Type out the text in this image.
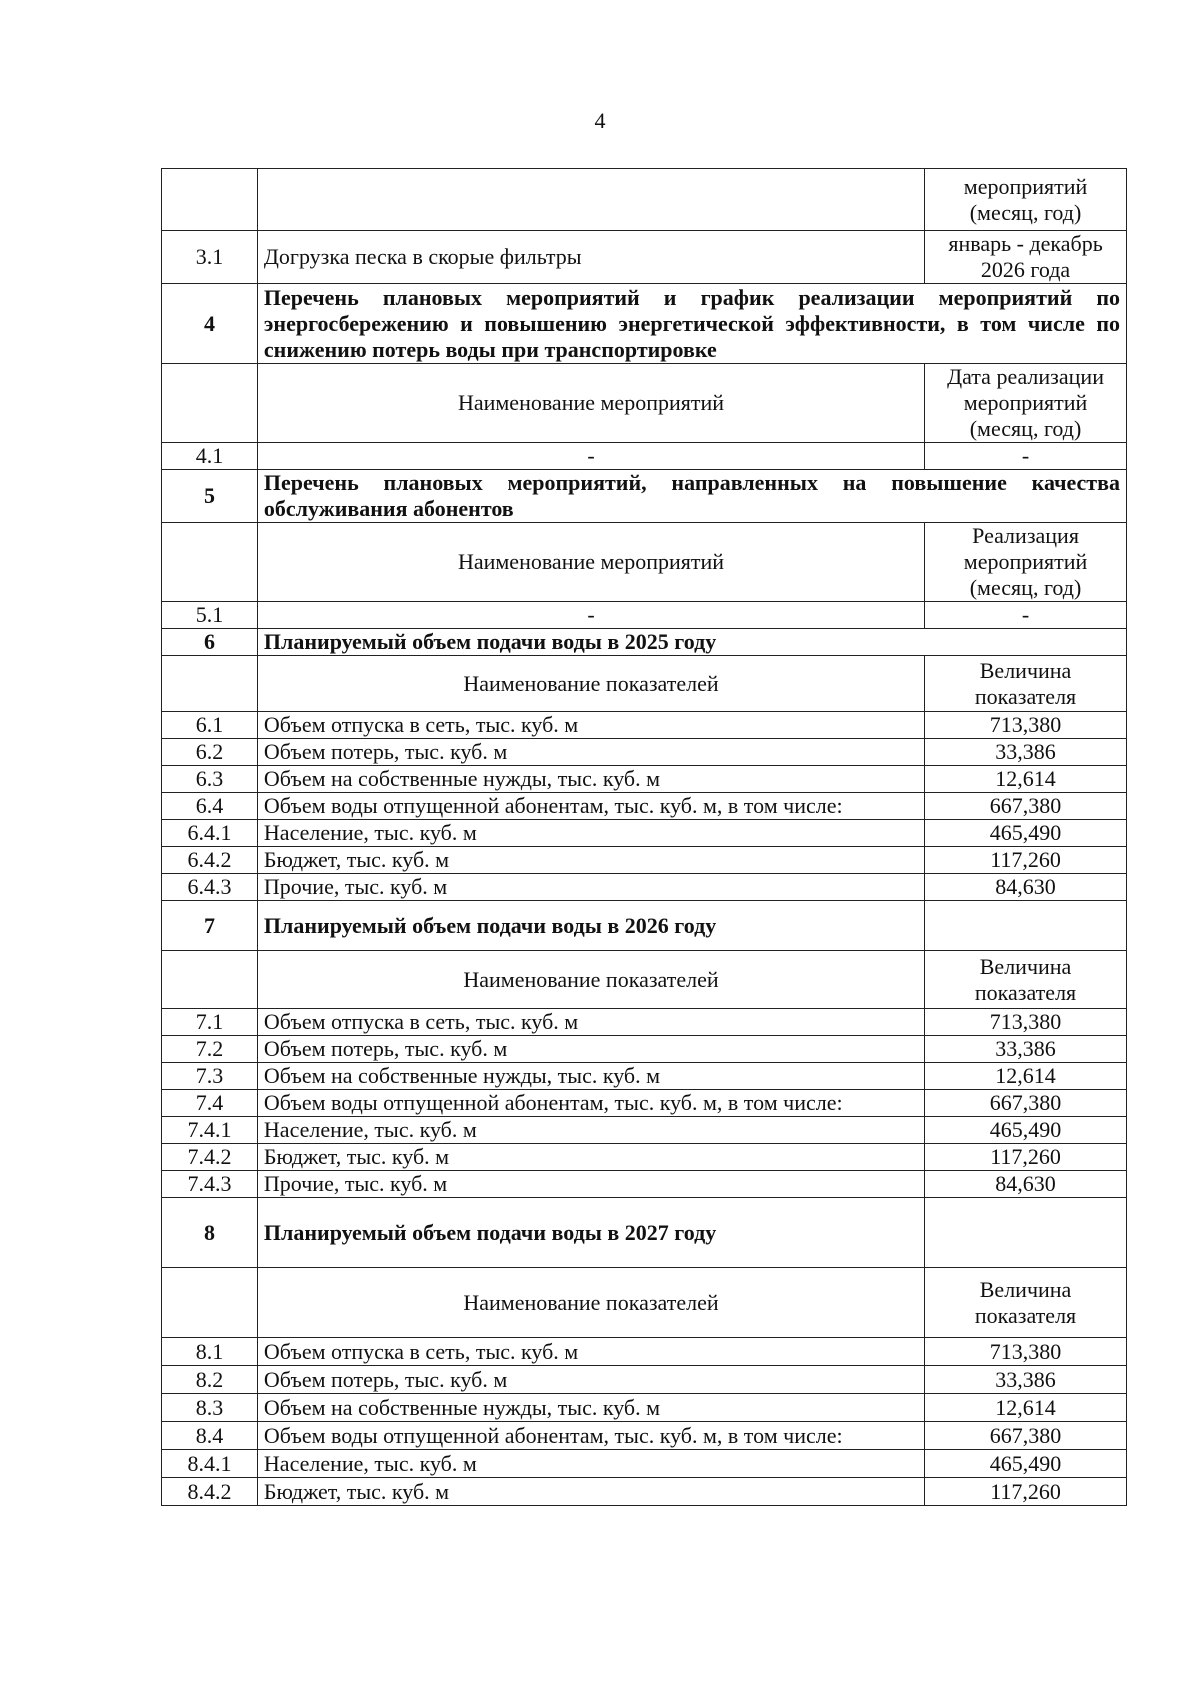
4
		мероприятий (месяц, год)
3.1	Догрузка песка в скорые фильтры	январь - декабрь 2026 года
4	Перечень плановых мероприятий и график реализации мероприятий по энергосбережению и повышению энергетической эффективности, в том числе по снижению потерь воды при транспортировке	
	Наименование мероприятий	Дата реализации мероприятий (месяц, год)
4.1	-	-
5	Перечень плановых мероприятий, направленных на повышение качества обслуживания абонентов	
	Наименование мероприятий	Реализация мероприятий (месяц, год)
5.1	-	-
6	Планируемый объем подачи воды в 2025 году	
	Наименование показателей	Величина показателя
6.1	Объем отпуска в сеть, тыс. куб. м	713,380
6.2	Объем потерь, тыс. куб. м	33,386
6.3	Объем на собственные нужды, тыс. куб. м	12,614
6.4	Объем воды отпущенной абонентам, тыс. куб. м, в том числе:	667,380
6.4.1	Население, тыс. куб. м	465,490
6.4.2	Бюджет, тыс. куб. м	117,260
6.4.3	Прочие, тыс. куб. м	84,630
7	Планируемый объем подачи воды в 2026 году	
	Наименование показателей	Величина показателя
7.1	Объем отпуска в сеть, тыс. куб. м	713,380
7.2	Объем потерь, тыс. куб. м	33,386
7.3	Объем на собственные нужды, тыс. куб. м	12,614
7.4	Объем воды отпущенной абонентам, тыс. куб. м, в том числе:	667,380
7.4.1	Население, тыс. куб. м	465,490
7.4.2	Бюджет, тыс. куб. м	117,260
7.4.3	Прочие, тыс. куб. м	84,630
8	Планируемый объем подачи воды в 2027 году	
	Наименование показателей	Величина показателя
8.1	Объем отпуска в сеть, тыс. куб. м	713,380
8.2	Объем потерь, тыс. куб. м	33,386
8.3	Объем на собственные нужды, тыс. куб. м	12,614
8.4	Объем воды отпущенной абонентам, тыс. куб. м, в том числе:	667,380
8.4.1	Население, тыс. куб. м	465,490
8.4.2	Бюджет, тыс. куб. м	117,260
